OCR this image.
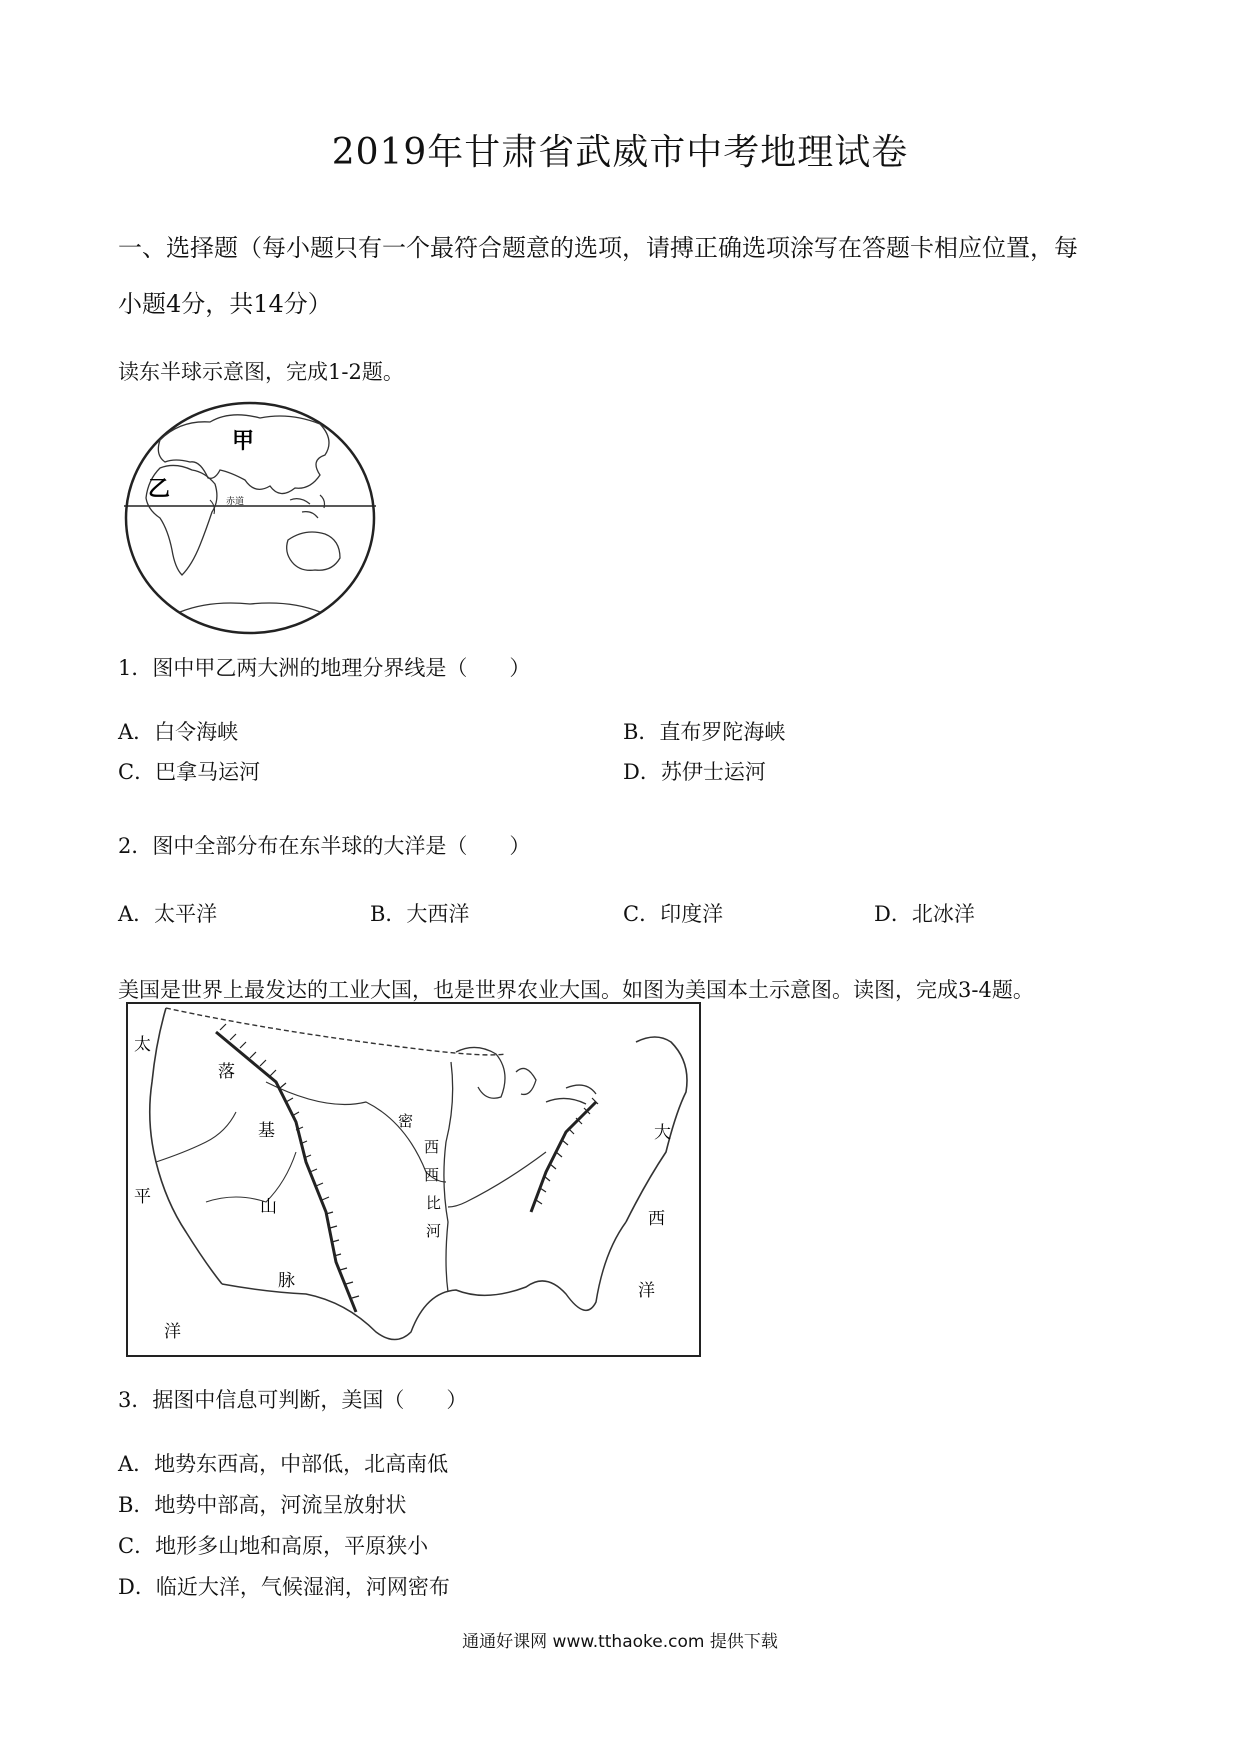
2019年甘肃省武威市中考地理试卷
一、选择题（每小题只有一个最符合题意的选项，请搏正确选项涂写在答题卡相应位置，每
小题4分，共14分）
读东半球示意图，完成1-2题。
甲
乙	赤道
1．图中甲乙两大洲的地理分界线是（　　）
A．白令海峡	B．直布罗陀海峡
C．巴拿马运河	D．苏伊士运河
2．图中全部分布在东半球的大洋是（　　）
A．太平洋	B．大西洋	C．印度洋	D．北冰洋
美国是世界上最发达的工业大国，也是世界农业大国。如图为美国本土示意图。读图，完成3-4题。
太
平
洋
落
基
山
脉
密
西
西
比
河
大
西
洋
3．据图中信息可判断，美国（　　）
A．地势东西高，中部低，北高南低
B．地势中部高，河流呈放射状
C．地形多山地和高原，平原狭小
D．临近大洋，气候湿润，河网密布
通通好课网 www.tthaoke.com 提供下载
